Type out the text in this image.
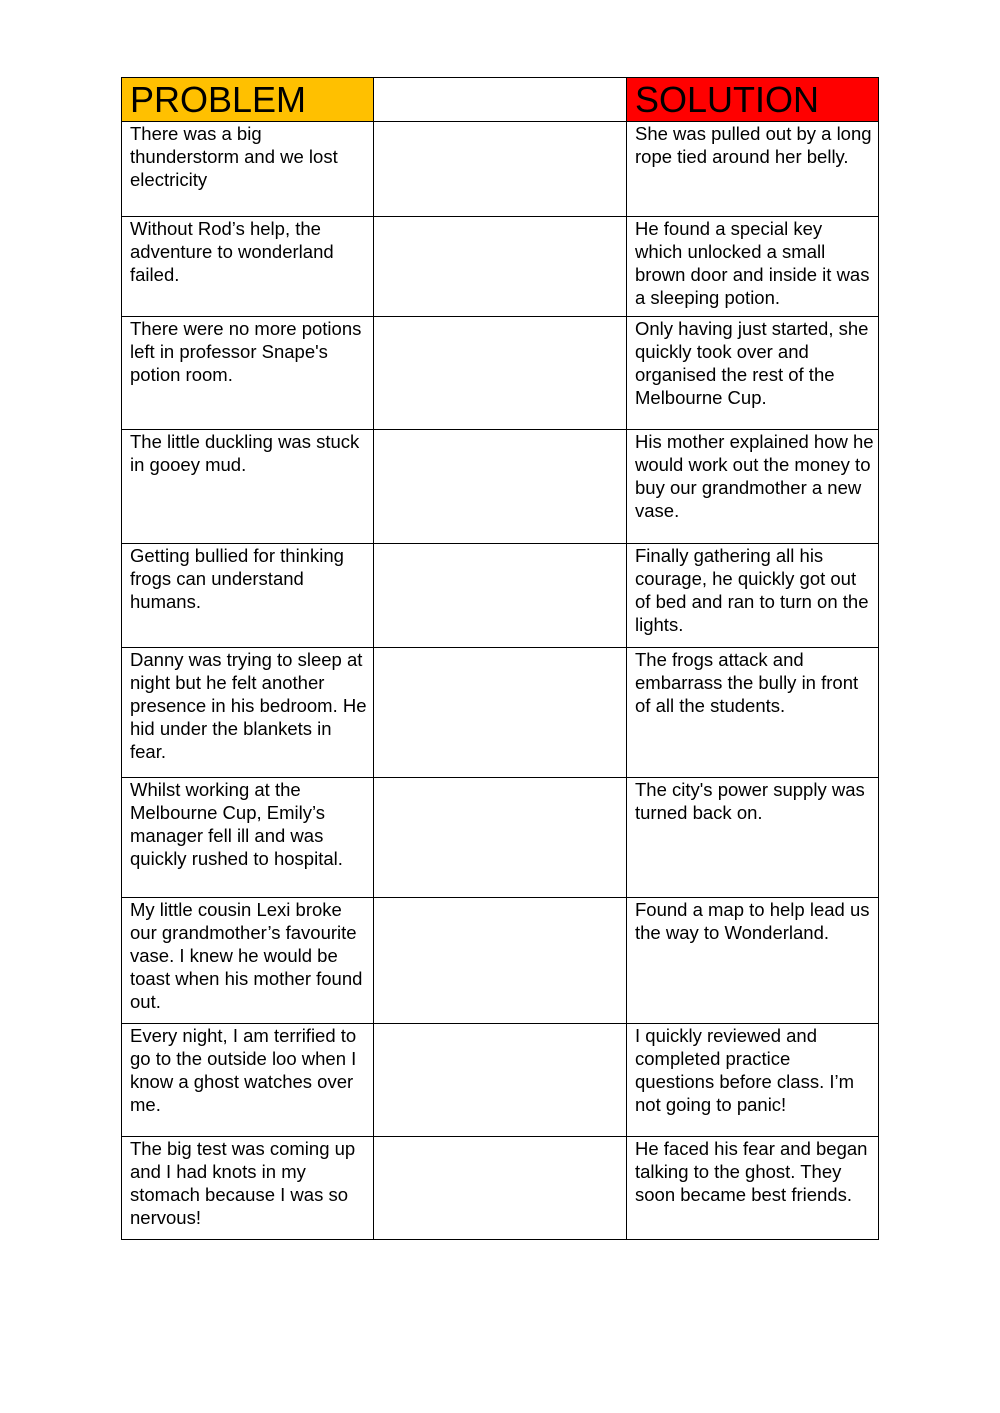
PROBLEM		SOLUTION
There was a big thunderstorm and we lost electricity		She was pulled out by a long rope tied around her belly.
Without Rod’s help, the adventure to wonderland failed.		He found a special key which unlocked a small brown door and inside it was a sleeping potion.
There were no more potions left in professor Snape's potion room.		Only having just started, she quickly took over and organised the rest of the Melbourne Cup.
The little duckling was stuck in gooey mud.		His mother explained how he would work out the money to buy our grandmother a new vase.
Getting bullied for thinking frogs can understand humans.		Finally gathering all his courage, he quickly got out of bed and ran to turn on the lights.
Danny was trying to sleep at night but he felt another presence in his bedroom. He hid under the blankets in fear.		The frogs attack and embarrass the bully in front of all the students.
Whilst working at the Melbourne Cup, Emily’s manager fell ill and was quickly rushed to hospital.		The city's power supply was turned back on.
My little cousin Lexi broke our grandmother’s favourite vase. I knew he would be toast when his mother found out.		Found a map to help lead us the way to Wonderland.
Every night, I am terrified to go to the outside loo when I know a ghost watches over me.		I quickly reviewed and completed practice questions before class. I’m not going to panic!
The big test was coming up and I had knots in my stomach because I was so nervous!		He faced his fear and began talking to the ghost. They soon became best friends.
